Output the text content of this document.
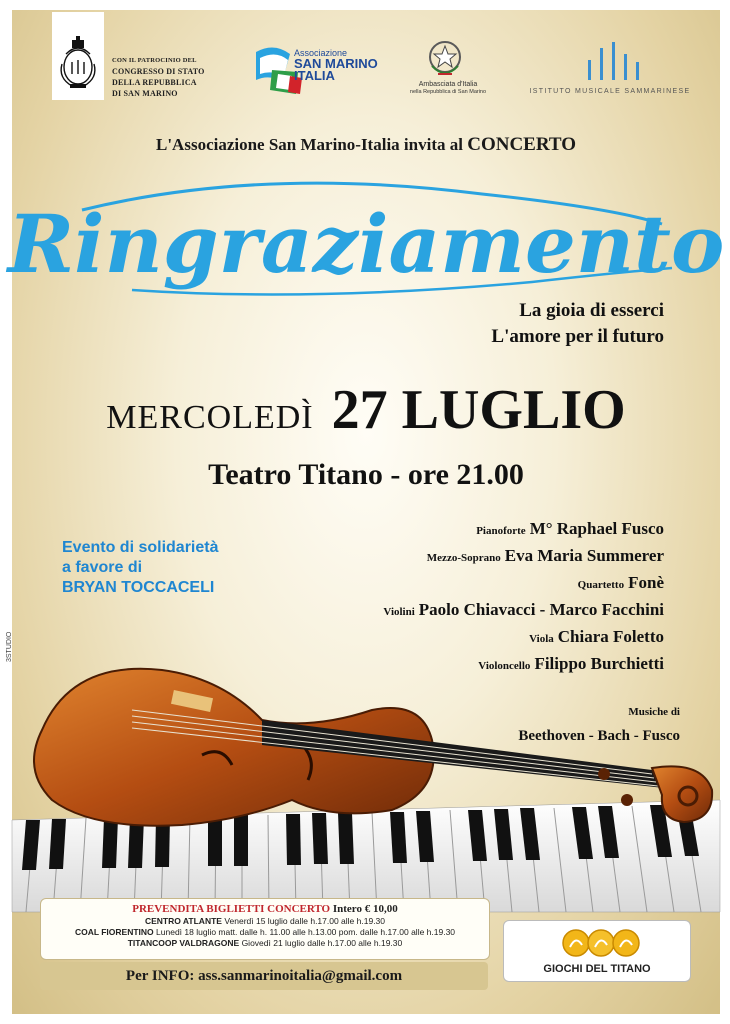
CON IL PATROCINIO DEL
CONGRESSO DI STATO
DELLA REPUBBLICA
DI SAN MARINO
Associazione
SAN MARINO
ITALIA
Ambasciata d'Italia
nella Repubblica di San Marino	ISTITUTO MUSICALE SAMMARINESE
L'Associazione San Marino-Italia invita al CONCERTO
Ringraziamento
La gioia di esserci
L'amore per il futuro
MERCOLEDÌ 27 LUGLIO
Teatro Titano - ore 21.00
Evento di solidarietà
a favore di
BRYAN TOCCACELI
Pianoforte M° Raphael Fusco
Mezzo-Soprano Eva Maria Summerer
Quartetto Fonè
Violini Paolo Chiavacci - Marco Facchini
Viola Chiara Foletto
Violoncello Filippo Burchietti
3STUDIO
Musiche di
Beethoven - Bach - Fusco
PREVENDITA BIGLIETTI CONCERTO Intero € 10,00
CENTRO ATLANTE Venerdì 15 luglio dalle h.17.00 alle h.19.30
COAL FIORENTINO Lunedì 18 luglio matt. dalle h. 11.00 alle h.13.00 pom. dalle h.17.00 alle h.19.30
TITANCOOP VALDRAGONE Giovedì 21 luglio dalle h.17.00 alle h.19.30
Per INFO: ass.sanmarinoitalia@gmail.com	GIOCHI DEL TITANO
